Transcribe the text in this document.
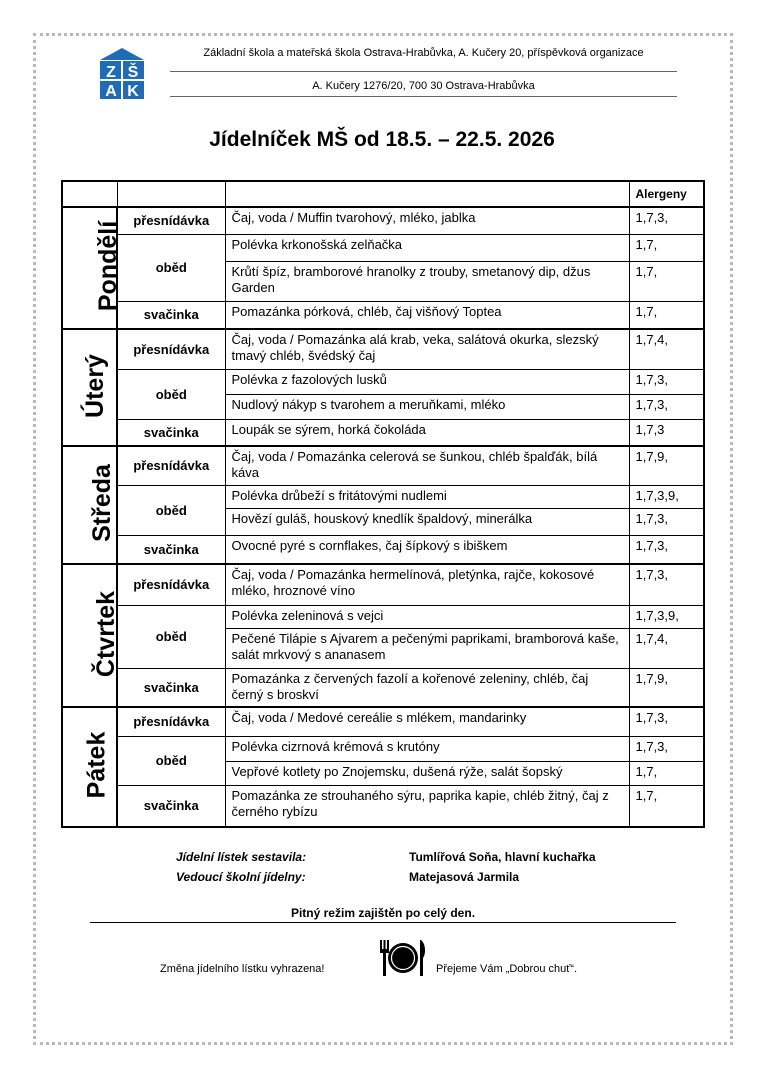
Z Š
A K
Základní škola a mateřská škola Ostrava-Hrabůvka, A. Kučery 20, příspěvková organizace
A. Kučery 1276/20, 700 30 Ostrava-Hrabůvka
Jídelníček MŠ od 18.5. – 22.5. 2026
			Alergeny
Pondělí	přesnídávka	Čaj, voda / Muffin tvarohový, mléko, jablka	1,7,3,
	oběd	Polévka krkonošská zelňačka	1,7,
		Krůtí špíz, bramborové hranolky z trouby, smetanový dip, džus Garden	1,7,
	svačinka	Pomazánka pórková, chléb, čaj višňový Toptea	1,7,
Úterý	přesnídávka	Čaj, voda / Pomazánka alá krab, veka, salátová okurka, slezský tmavý chléb, švédský čaj	1,7,4,
	oběd	Polévka z fazolových lusků	1,7,3,
		Nudlový nákyp s tvarohem a meruňkami, mléko	1,7,3,
	svačinka	Loupák se sýrem, horká čokoláda	1,7,3
Středa	přesnídávka	Čaj, voda / Pomazánka celerová se šunkou, chléb špalďák, bílá káva	1,7,9,
	oběd	Polévka drůbeží s fritátovými nudlemi	1,7,3,9,
		Hovězí guláš, houskový knedlík špaldový, minerálka	1,7,3,
	svačinka	Ovocné pyré s cornflakes, čaj šípkový s ibiškem	1,7,3,
Čtvrtek	přesnídávka	Čaj, voda / Pomazánka hermelínová, pletýnka, rajče, kokosové mléko, hroznové víno	1,7,3,
	oběd	Polévka zeleninová s vejci	1,7,3,9,
		Pečené Tilápie s Ajvarem a pečenými paprikami, bramborová kaše, salát mrkvový s ananasem	1,7,4,
	svačinka	Pomazánka z červených fazolí a kořenové zeleniny, chléb, čaj černý s broskví	1,7,9,
Pátek	přesnídávka	Čaj, voda / Medové cereálie s mlékem, mandarinky	1,7,3,
	oběd	Polévka cizrnová krémová s krutóny	1,7,3,
		Vepřové kotlety po Znojemsku, dušená rýže, salát šopský	1,7,
	svačinka	Pomazánka ze strouhaného sýru, paprika kapie, chléb žitný, čaj z černého rybízu	1,7,
Jídelní lístek sestavila:	Tumlířová Soňa, hlavní kuchařka
Vedoucí školní jídelny:	Matejasová Jarmila
Pitný režim zajištěn po celý den.
Změna jídelního lístku vyhrazena!	Přejeme Vám „Dobrou chuť“.
